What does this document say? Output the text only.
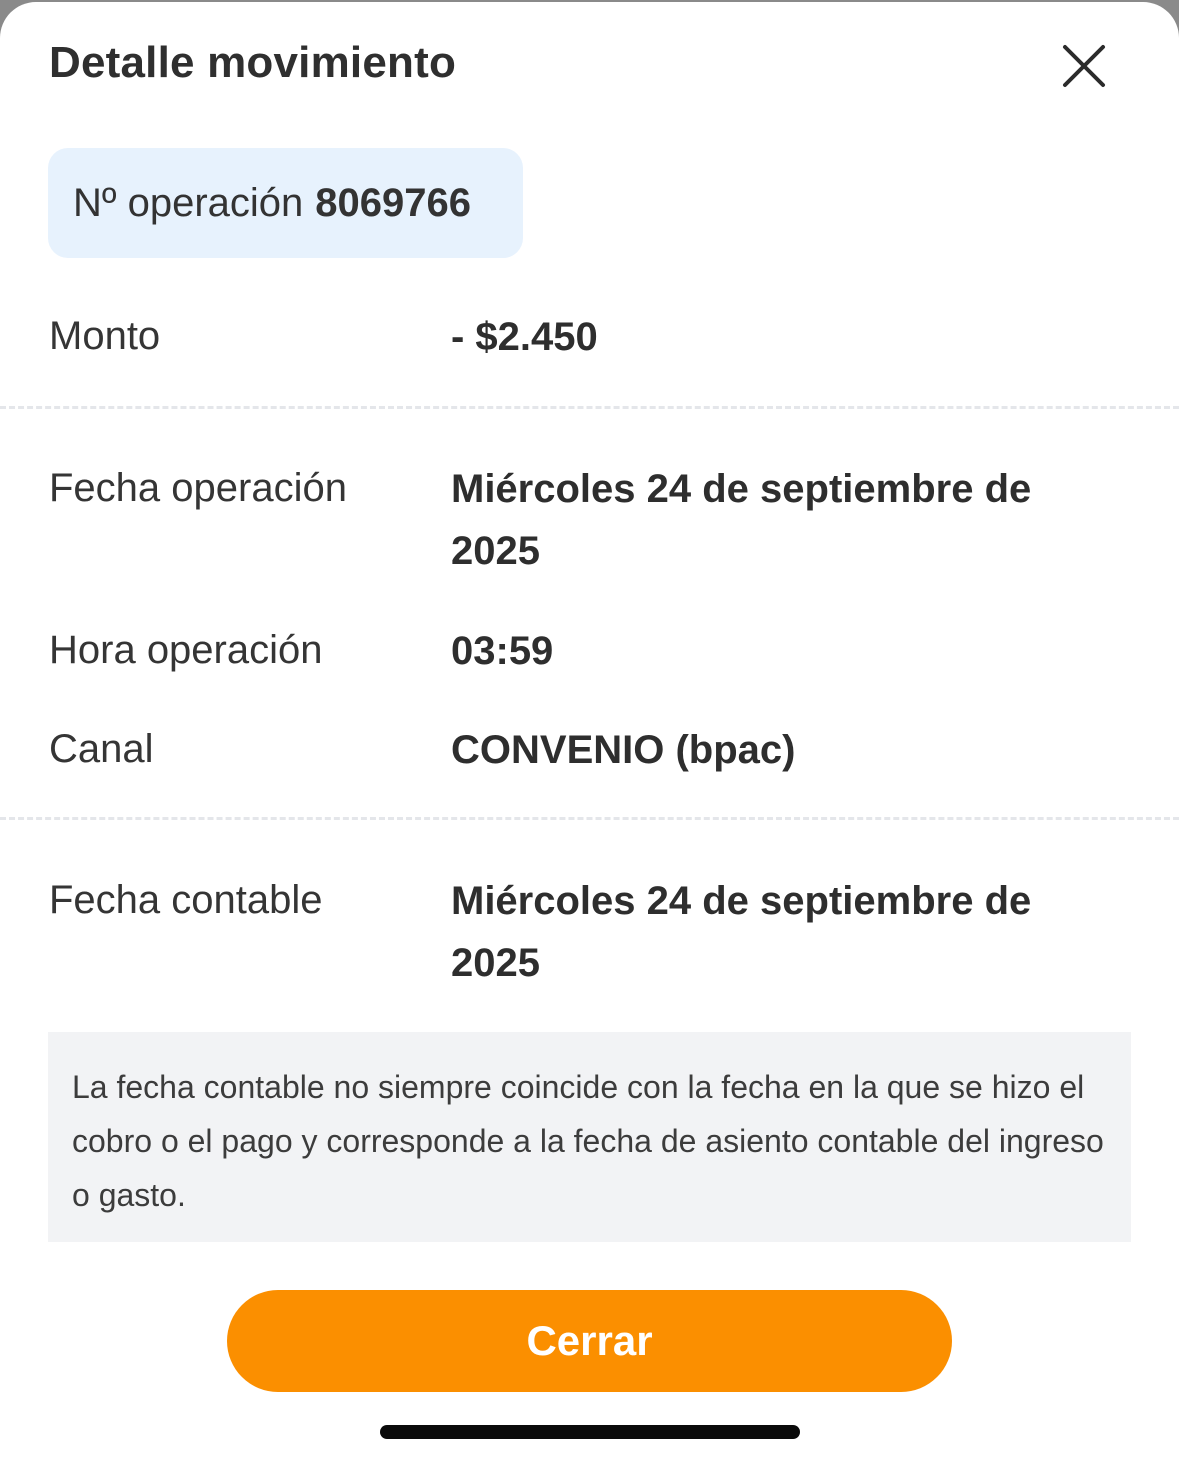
Detalle movimiento
Nº operación 8069766
Monto	- $2.450
Fecha operación	Miércoles 24 de septiembre de 2025
Hora operación	03:59
Canal	CONVENIO (bpac)
Fecha contable	Miércoles 24 de septiembre de 2025
La fecha contable no siempre coincide con la fecha en la que se hizo el cobro o el pago y corresponde a la fecha de asiento contable del ingreso o gasto.
Cerrar
